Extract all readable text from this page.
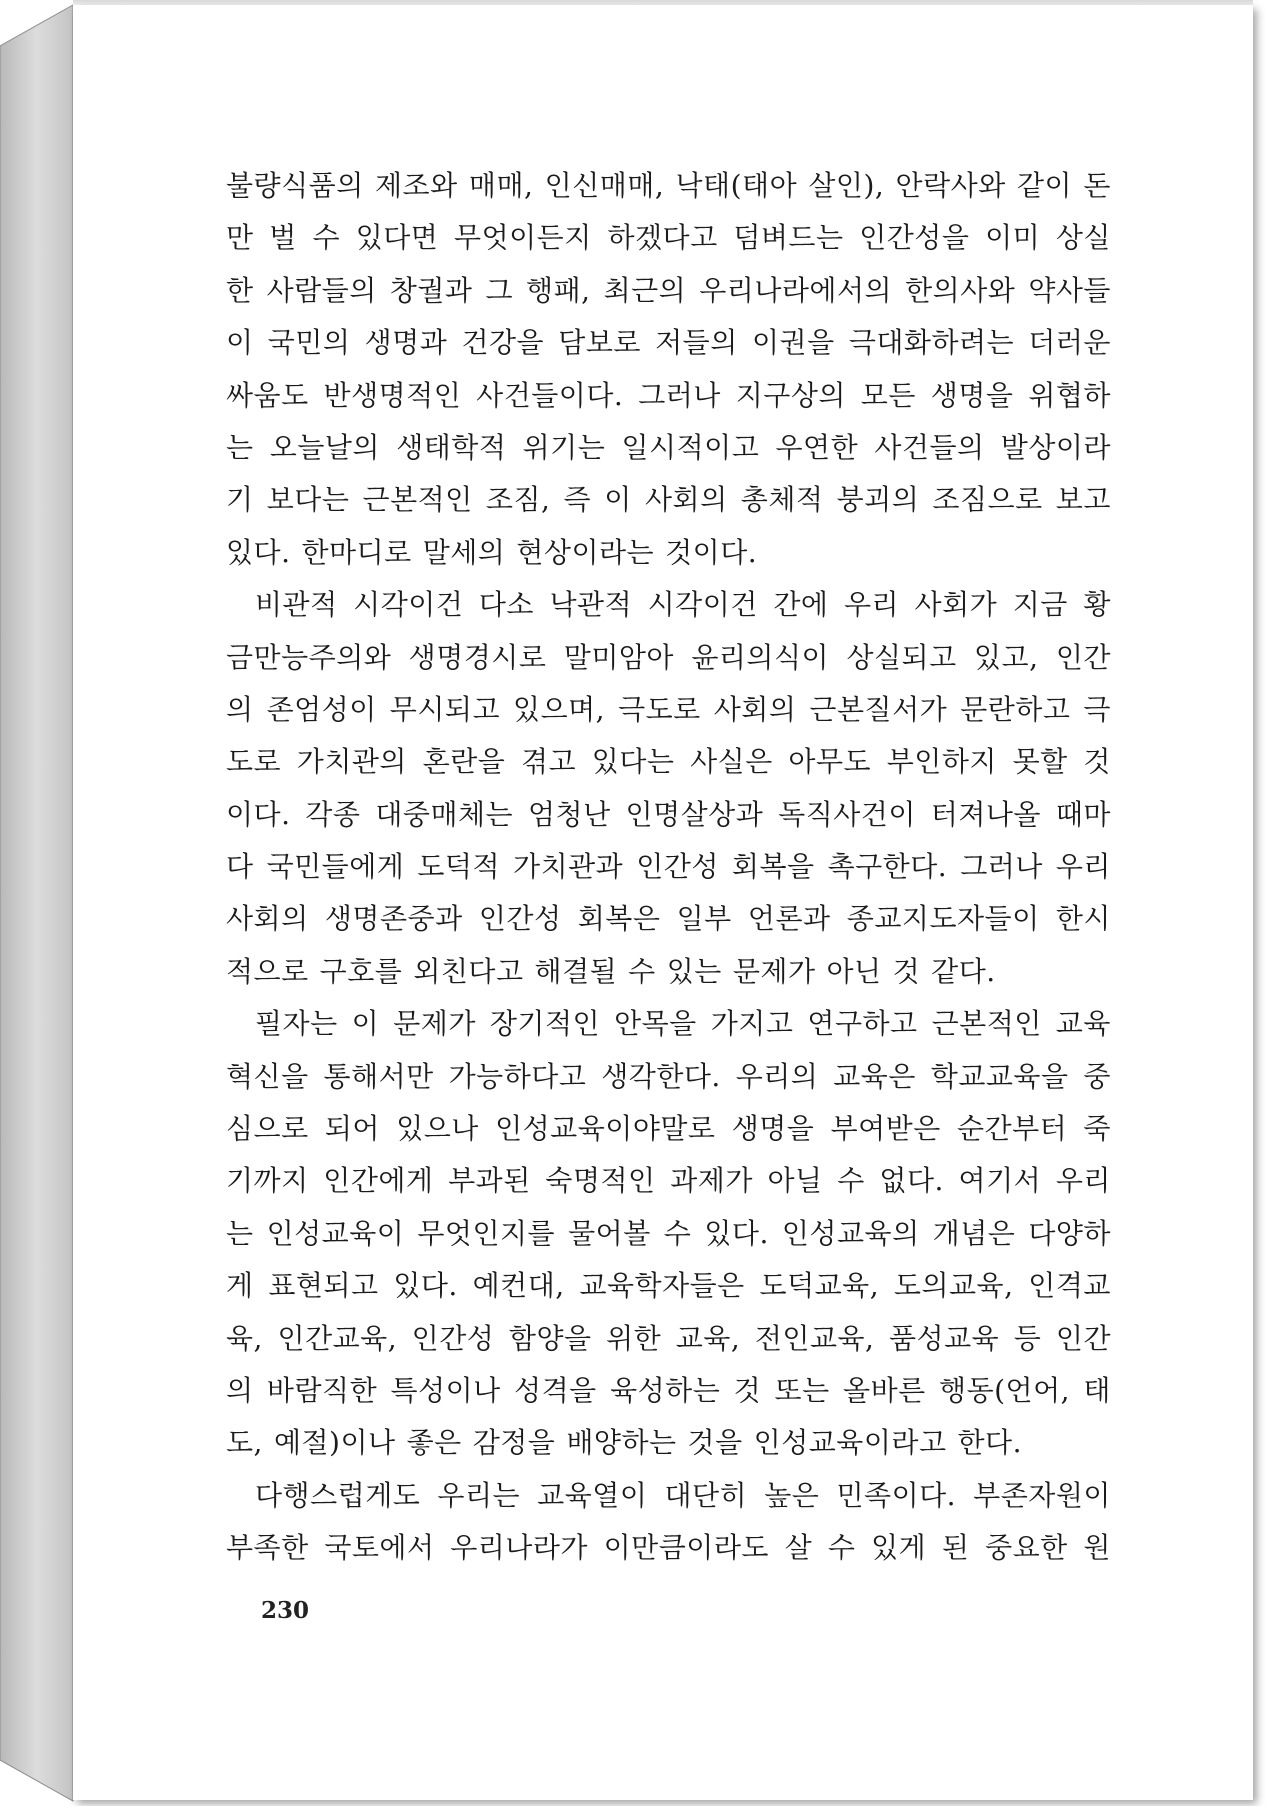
불량식품의 제조와 매매, 인신매매, 낙태(태아 살인), 안락사와 같이 돈
만 벌 수 있다면 무엇이든지 하겠다고 덤벼드는 인간성을 이미 상실
한 사람들의 창궐과 그 행패, 최근의 우리나라에서의 한의사와 약사들
이 국민의 생명과 건강을 담보로 저들의 이권을 극대화하려는 더러운
싸움도 반생명적인 사건들이다. 그러나 지구상의 모든 생명을 위협하
는 오늘날의 생태학적 위기는 일시적이고 우연한 사건들의 발상이라
기 보다는 근본적인 조짐, 즉 이 사회의 총체적 붕괴의 조짐으로 보고
있다. 한마디로 말세의 현상이라는 것이다.
비관적 시각이건 다소 낙관적 시각이건 간에 우리 사회가 지금 황
금만능주의와 생명경시로 말미암아 윤리의식이 상실되고 있고, 인간
의 존엄성이 무시되고 있으며, 극도로 사회의 근본질서가 문란하고 극
도로 가치관의 혼란을 겪고 있다는 사실은 아무도 부인하지 못할 것
이다. 각종 대중매체는 엄청난 인명살상과 독직사건이 터져나올 때마
다 국민들에게 도덕적 가치관과 인간성 회복을 촉구한다. 그러나 우리
사회의 생명존중과 인간성 회복은 일부 언론과 종교지도자들이 한시
적으로 구호를 외친다고 해결될 수 있는 문제가 아닌 것 같다.
필자는 이 문제가 장기적인 안목을 가지고 연구하고 근본적인 교육
혁신을 통해서만 가능하다고 생각한다. 우리의 교육은 학교교육을 중
심으로 되어 있으나 인성교육이야말로 생명을 부여받은 순간부터 죽
기까지 인간에게 부과된 숙명적인 과제가 아닐 수 없다. 여기서 우리
는 인성교육이 무엇인지를 물어볼 수 있다. 인성교육의 개념은 다양하
게 표현되고 있다. 예컨대, 교육학자들은 도덕교육, 도의교육, 인격교
육, 인간교육, 인간성 함양을 위한 교육, 전인교육, 품성교육 등 인간
의 바람직한 특성이나 성격을 육성하는 것 또는 올바른 행동(언어, 태
도, 예절)이나 좋은 감정을 배양하는 것을 인성교육이라고 한다.
다행스럽게도 우리는 교육열이 대단히 높은 민족이다. 부존자원이
부족한 국토에서 우리나라가 이만큼이라도 살 수 있게 된 중요한 원
230
